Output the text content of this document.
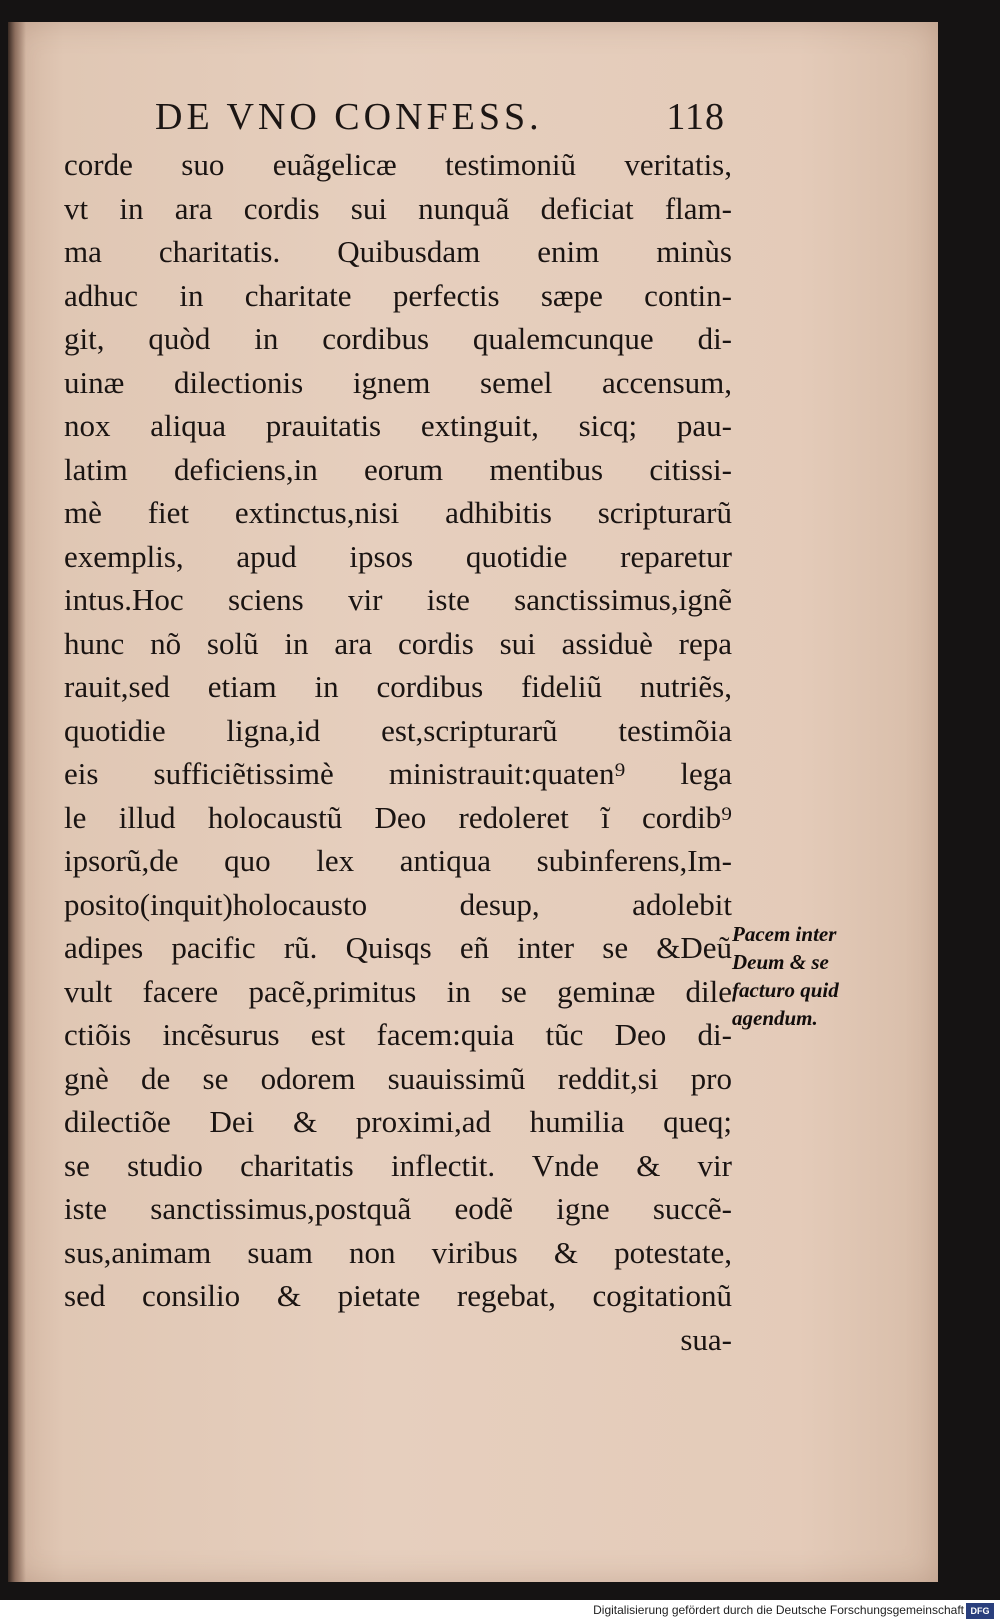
DE VNO CONFESS.	118
corde suo euãgelicæ testimoniũ veritatis,
vt in ara cordis sui nunquã deficiat flam-
ma charitatis. Quibusdam enim minùs
adhuc in charitate perfectis sæpe contin-
git, quòd in cordibus qualemcunque di-
uinæ dilectionis ignem semel accensum,
nox aliqua prauitatis extinguit, sicq; pau-
latim deficiens,in eorum mentibus citissi-
mè fiet extinctus,nisi adhibitis scripturarũ
exemplis, apud ipsos quotidie reparetur
intus.Hoc sciens vir iste sanctissimus,ignẽ
hunc nõ solũ in ara cordis sui assiduè repa
rauit,sed etiam in cordibus fideliũ nutriẽs,
quotidie ligna,id est,scripturarũ testimõia
eis sufficiẽtissimè ministrauit:quaten⁹ lega
le illud holocaustũ Deo redoleret ĩ cordib⁹
ipsorũ,de quo lex antiqua subinferens,Im-
posito(inquit)holocausto desup, adolebit
adipes pacific rũ. Quisqs eñ inter se &Deũ
vult facere pacẽ,primitus in se geminæ dile
ctiõis incẽsurus est facem:quia tũc Deo di-
gnè de se odorem suauissimũ reddit,si pro
dilectiõe Dei & proximi,ad humilia queq;
se studio charitatis inflectit. Vnde & vir
iste sanctissimus,postquã eodẽ igne succẽ-
sus,animam suam non viribus & potestate,
sed consilio & pietate regebat, cogitationũ
sua-
Pacem inter
Deum & se
facturo quid
agendum.
Digitalisierung gefördert durch die Deutsche Forschungsgemeinschaft DFG
